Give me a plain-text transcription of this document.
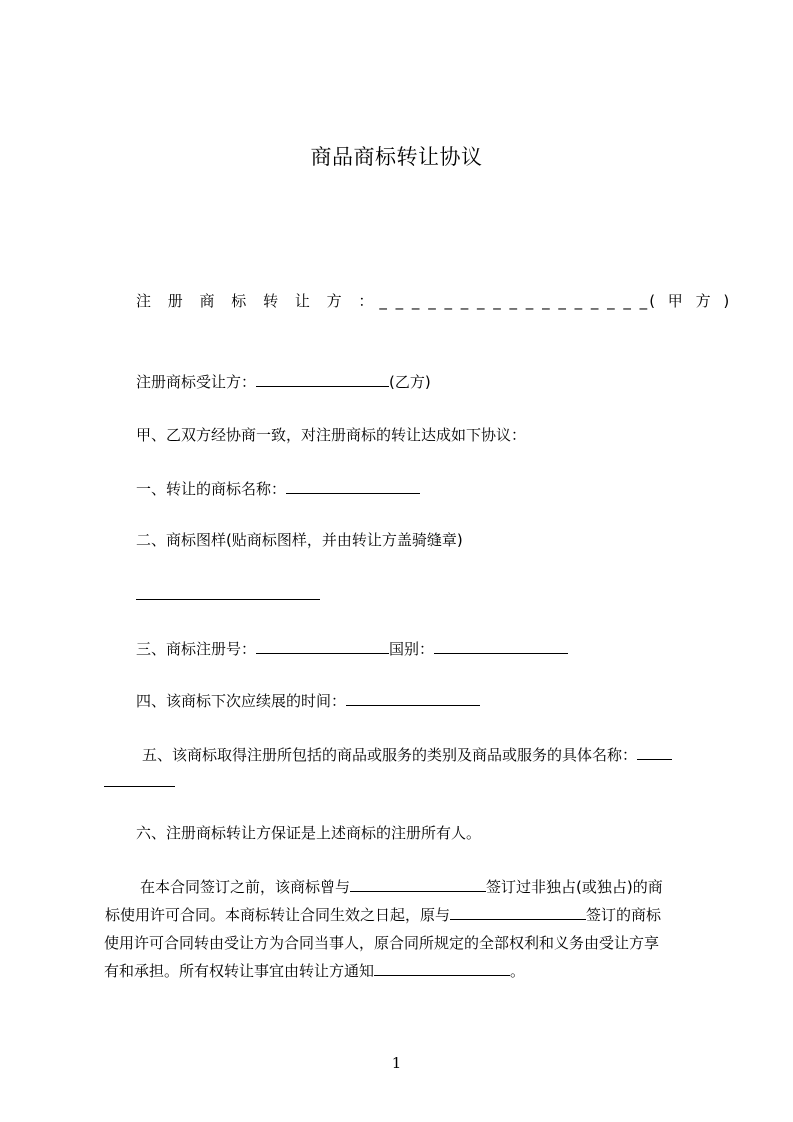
商品商标转让协议
注 册 商 标 转 让 方 ： _ _ _ _ _ _ _ _ _ _ _ _ _ _ _ _ _ ( 甲 方 )
注册商标受让方：	(乙方)
甲、乙双方经协商一致，对注册商标的转让达成如下协议：
一、转让的商标名称：
二、商标图样(贴商标图样，并由转让方盖骑缝章)
三、商标注册号：	国别：
四、该商标下次应续展的时间：
五、该商标取得注册所包括的商品或服务的类别及商品或服务的具体名称：
六、注册商标转让方保证是上述商标的注册所有人。
在本合同签订之前，该商标曾与	签订过非独占(或独占)的商
标使用许可合同。本商标转让合同生效之日起，原与	签订的商标
使用许可合同转由受让方为合同当事人，原合同所规定的全部权利和义务由受让方享
有和承担。所有权转让事宜由转让方通知	。
1
